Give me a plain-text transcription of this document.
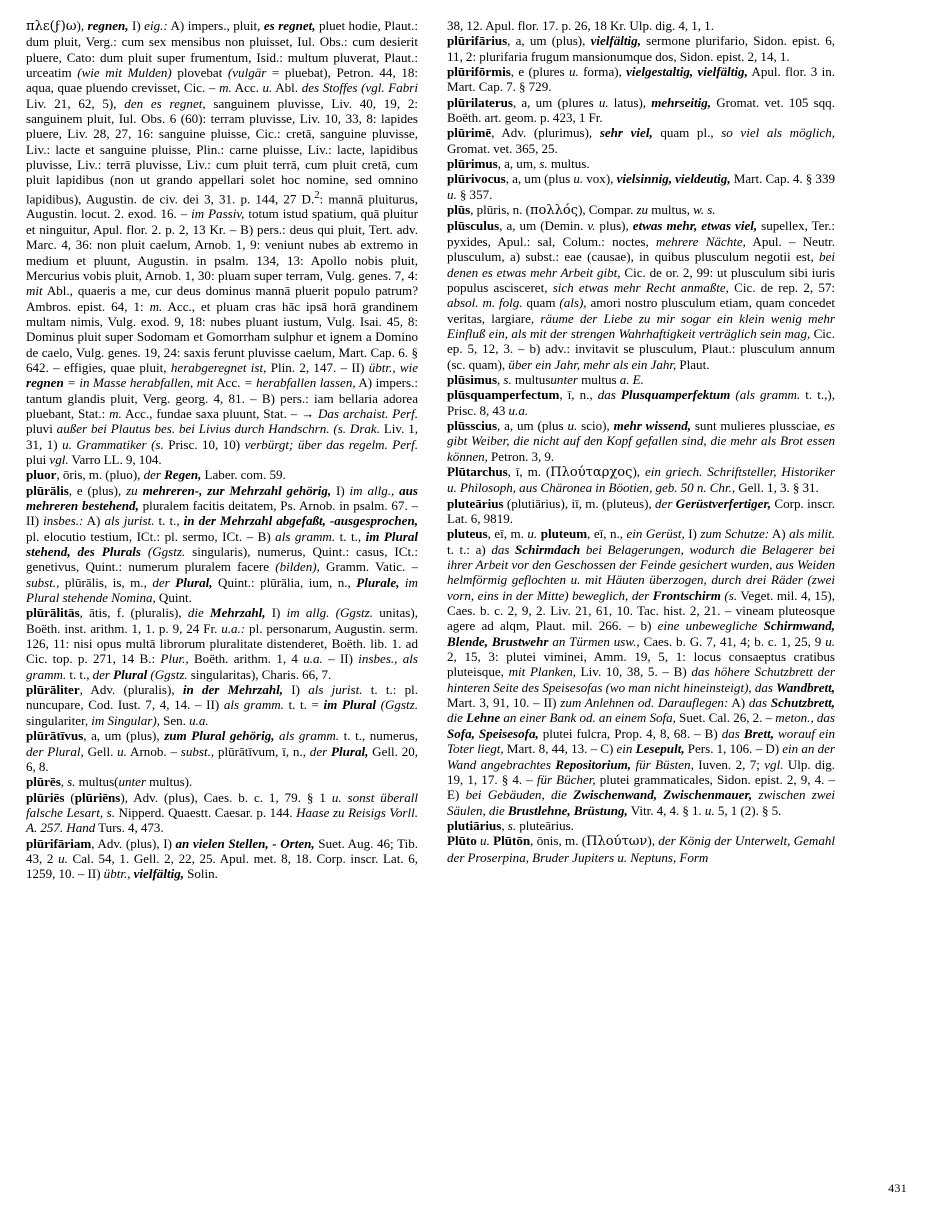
πλε(ϝ)ω), regnen, I) eig.: A) impers., pluit, es regnet, pluet hodie, Plaut.: dum pluit, Verg.: cum sex mensibus non pluisset, Iul. Obs.: cum desierit pluere, Cato: dum pluit super frumentum, Isid.: multum pluverat, Plaut.: urceatim (wie mit Mulden) plovebat (vulgär = pluebat), Petron. 44, 18: aqua, quae pluendo crevisset, Cic. – m. Acc. u. Abl. des Stoffes (vgl. Fabri Liv. 21, 62, 5), den es regnet, sanguinem pluvisse, Liv. 40, 19, 2: sanguinem pluit, Iul. Obs. 6 (60): terram pluvisse, Liv. 10, 33, 8: lapides pluere, Liv. 28, 27, 16: sanguine pluisse, Cic.: cretā, sanguine pluvisse, Liv.: lacte et sanguine pluisse, Plin.: carne pluisse, Liv.: lacte, lapidibus pluvisse, Liv.: terrā pluvisse, Liv.: cum pluit terrā, cum pluit cretā, cum pluit lapidibus (non ut grando appellari solet hoc nomine, sed omnino lapidibus), Augustin. de civ. dei 3, 31. p. 144, 27 D.$^2$: mannā pluiturus, Augustin. locut. 2. exod. 16. – im Passiv, totum istud spatium, quā pluitur et ninguitur, Apul. flor. 2. p. 2, 13 Kr. – B) pers.: deus qui pluit, Tert. adv. Marc. 4, 36: non pluit caelum, Arnob. 1, 9: veniunt nubes ab extremo in medium et pluunt, Augustin. in psalm. 134, 13: Apollo nobis pluit, Mercurius vobis pluit, Arnob. 1, 30: pluam super terram, Vulg. genes. 7, 4: mit Abl., quaeris a me, cur deus dominus mannā pluerit populo patrum? Ambros. epist. 64, 1: m. Acc., et pluam cras hāc ipsā horā grandinem multam nimis, Vulg. exod. 9, 18: nubes pluant iustum, Vulg. Isai. 45, 8: Dominus pluit super Sodomam et Gomorrham sulphur et ignem a Domino de caelo, Vulg. genes. 19, 24: saxis ferunt pluvisse caelum, Mart. Cap. 6. § 642. – effigies, quae pluit, herabgeregnet ist, Plin. 2, 147. – II) übtr., wie regnen = in Masse herabfallen, mit Acc. = herabfallen lassen, A) impers.: tantum glandis pluit, Verg. georg. 4, 81. – B) pers.: iam bellaria adorea pluebant, Stat.: m. Acc., fundae saxa pluunt, Stat. – → Das archaist. Perf. pluvi außer bei Plautus bes. bei Livius durch Handschrn. (s. Drak. Liv. 1, 31, 1) u. Grammatiker (s. Prisc. 10, 10) verbürgt; über das regelm. Perf. plui vgl. Varro LL. 9, 104.

pluor, ōris, m. (pluo), der Regen, Laber. com. 59.

plūrālis, e (plus), zu mehreren-, zur Mehrzahl gehörig, I) im allg., aus mehreren bestehend, pluralem facitis deitatem, Ps. Arnob. in psalm. 67. – II) insbes.: A) als jurist. t. t., in der Mehrzahl abgefaßt, -ausgesprochen, pl. elocutio testium, ICt.: pl. sermo, ICt. – B) als gramm. t. t., im Plural stehend, des Plurals (Ggstz. singularis), numerus, Quint.: casus, ICt.: genetivus, Quint.: numerum pluralem facere (bilden), Gramm. Vatic. – subst., plūrālis, is, m., der Plural, Quint.: plūrālia, ium, n., Plurale, im Plural stehende Nomina, Quint.

plūrālitās, ātis, f. (pluralis), die Mehrzahl, I) im allg. (Ggstz. unitas), Boëth. inst. arithm. 1, 1. p. 9, 24 Fr. u.a.: pl. personarum, Augustin. serm. 126, 11: nisi opus multā librorum pluralitate distenderet, Boëth. lib. 1. ad Cic. top. p. 271, 14 B.: Plur., Boëth. arithm. 1, 4 u.a. – II) insbes., als gramm. t. t., der Plural (Ggstz. singularitas), Charis. 66, 7.

plūrāliter, Adv. (pluralis), in der Mehrzahl, I) als jurist. t. t.: pl. nuncupare, Cod. Iust. 7, 4, 14. – II) als gramm. t. t. = im Plural (Ggstz. singulariter, im Singular), Sen. u.a.

plūrātīvus, a, um (plus), zum Plural gehörig, als gramm. t. t., numerus, der Plural, Gell. u. Arnob. – subst., plūrātīvum, ī, n., der Plural, Gell. 20, 6, 8.

plūrēs, s. multus(unter multus).

plūriēs (plūriēns), Adv. (plus), Caes. b. c. 1, 79. § 1 u. sonst überall falsche Lesart, s. Nipperd. Quaestt. Caesar. p. 144. Haase zu Reisigs Vorll. A. 257. Hand Turs. 4, 473.

plūrifāriam, Adv. (plus), I) an vielen Stellen, - Orten, Suet. Aug. 46; Tib. 43, 2 u. Cal. 54, 1. Gell. 2, 22, 25. Apul. met. 8, 18. Corp. inscr. Lat. 6, 1259, 10. – II) übtr., vielfältig, Solin.

38, 12. Apul. flor. 17. p. 26, 18 Kr. Ulp. dig. 4, 1, 1.

plūrifārius, a, um (plus), vielfältig, sermone plurifario, Sidon. epist. 6, 11, 2: plurifaria frugum mansionumque dos, Sidon. epist. 2, 14, 1.

plūrifōrmis, e (plures u. forma), vielgestaltig, vielfältig, Apul. flor. 3 in. Mart. Cap. 7. § 729.

plūrilaterus, a, um (plures u. latus), mehrseitig, Gromat. vet. 105 sqq. Boëth. art. geom. p. 423, 1 Fr.

plūrimē, Adv. (plurimus), sehr viel, quam pl., so viel als möglich, Gromat. vet. 365, 25.

plūrimus, a, um, s. multus.

plūrivocus, a, um (plus u. vox), vielsinnig, vieldeutig, Mart. Cap. 4. § 339 u. § 357.

plūs, plūris, n. (πολλός), Compar. zu multus, w. s.

plūsculus, a, um (Demin. v. plus), etwas mehr, etwas viel, supellex, Ter.: pyxides, Apul.: sal, Colum.: noctes, mehrere Nächte, Apul. – Neutr. plusculum, a) subst.: eae (causae), in quibus plusculum negotii est, bei denen es etwas mehr Arbeit gibt, Cic. de or. 2, 99: ut plusculum sibi iuris populus ascisceret, sich etwas mehr Recht anmaßte, Cic. de rep. 2, 57: absol. m. folg. quam (als), amori nostro plusculum etiam, quam concedet veritas, largiare, räume der Liebe zu mir sogar ein klein wenig mehr Einfluß ein, als mit der strengen Wahrhaftigkeit verträglich sein mag, Cic. ep. 5, 12, 3. – b) adv.: invitavit se plusculum, Plaut.: plusculum annum (sc. quam), über ein Jahr, mehr als ein Jahr, Plaut.

plūsimus, s. multusunter multus a. E.

plūsquamperfectum, ī, n., das Plusquamperfektum (als gramm. t. t.,), Prisc. 8, 43 u.a.

plūsscius, a, um (plus u. scio), mehr wissend, sunt mulieres plussciae, es gibt Weiber, die nicht auf den Kopf gefallen sind, die mehr als Brot essen können, Petron. 3, 9.

Plūtarchus, ī, m. (Πλούταρχος), ein griech. Schriftsteller, Historiker u. Philosoph, aus Chäronea in Böotien, geb. 50 n. Chr., Gell. 1, 3. § 31.

pluteārius (plutiārius), iī, m. (pluteus), der Gerüstverfertiger, Corp. inscr. Lat. 6, 9819.

pluteus, eī, m. u. pluteum, eī, n., ein Gerüst, I) zum Schutze: A) als milit. t. t.: a) das Schirmdach bei Belagerungen, wodurch die Belagerer bei ihrer Arbeit vor den Geschossen der Feinde gesichert wurden, aus Weiden helmförmig geflochten u. mit Häuten überzogen, durch drei Räder (zwei vorn, eins in der Mitte) beweglich, der Frontschirm (s. Veget. mil. 4, 15), Caes. b. c. 2, 9, 2. Liv. 21, 61, 10. Tac. hist. 2, 21. – vineam pluteosque agere ad alqm, Plaut. mil. 266. – b) eine unbewegliche Schirmwand, Blende, Brustwehr an Türmen usw., Caes. b. G. 7, 41, 4; b. c. 1, 25, 9 u. 2, 15, 3: plutei viminei, Amm. 19, 5, 1: locus consaeptus cratibus pluteisque, mit Planken, Liv. 10, 38, 5. – B) das höhere Schutzbrett der hinteren Seite des Speisesofas (wo man nicht hineinsteigt), das Wandbrett, Mart. 3, 91, 10. – II) zum Anlehnen od. Darauflegen: A) das Schutzbrett, die Lehne an einer Bank od. an einem Sofa, Suet. Cal. 26, 2. – meton., das Sofa, Speisesofa, plutei fulcra, Prop. 4, 8, 68. – B) das Brett, worauf ein Toter liegt, Mart. 8, 44, 13. – C) ein Lesepult, Pers. 1, 106. – D) ein an der Wand angebrachtes Repositorium, für Büsten, Iuven. 2, 7; vgl. Ulp. dig. 19, 1, 17. § 4. – für Bücher, plutei grammaticales, Sidon. epist. 2, 9, 4. – E) bei Gebäuden, die Zwischenwand, Zwischenmauer, zwischen zwei Säulen, die Brustlehne, Brüstung, Vitr. 4, 4. § 1. u. 5, 1 (2). § 5.

plutiārius, s. pluteārius.

Plūto u. Plūtōn, ōnis, m. (Πλούτων), der König der Unterwelt, Gemahl der Proserpina, Bruder Jupiters u. Neptuns, Form

431
